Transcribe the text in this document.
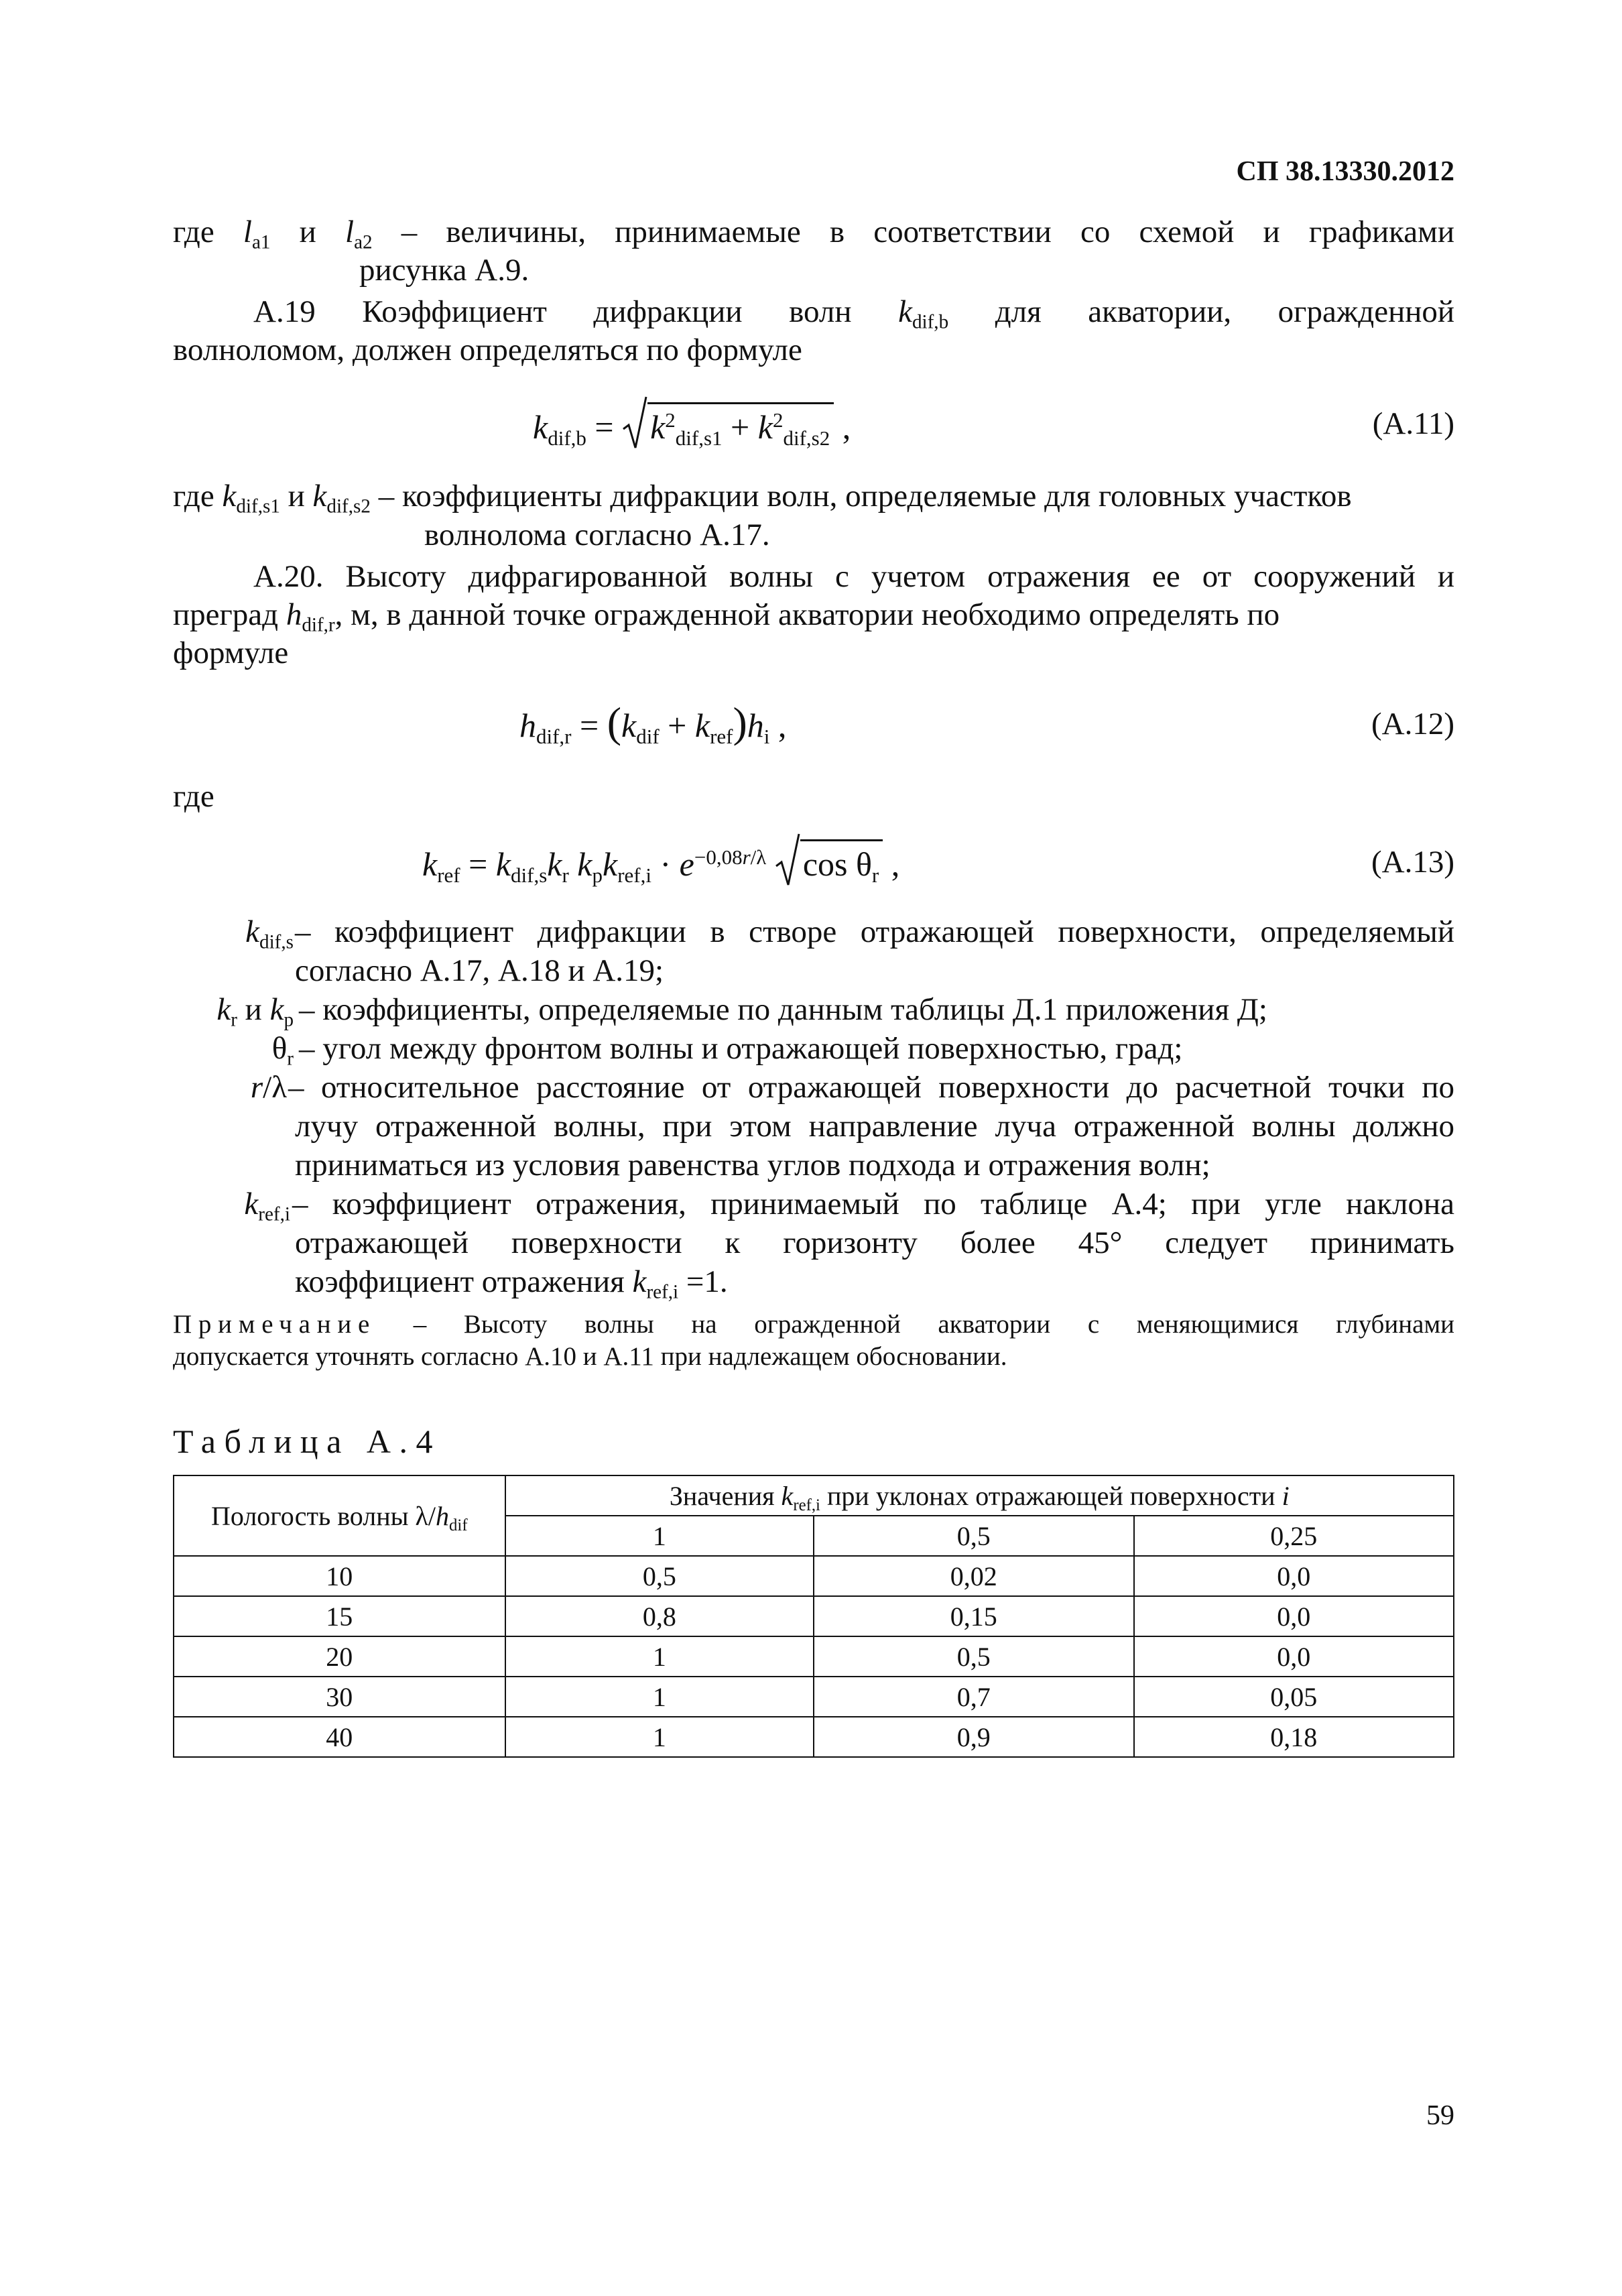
СП 38.13330.2012
где $l_{a1}$ и $l_{a2}$ – величины, принимаемые в соответствии со схемой и графиками
рисунка А.9.
А.19 Коэффициент дифракции волн $k_{dif,b}$ для акватории, огражденной
волноломом, должен определяться по формуле
$k_{dif,b}$ =
$k^2_{dif,s1} + k^2_{dif,s2}$ ,	(А.11)
где $k_{dif,s1}$ и $k_{dif,s2}$ – коэффициенты дифракции волн, определяемые для головных участков
волнолома согласно А.17.
А.20. Высоту дифрагированной волны с учетом отражения ее от сооружений и
преград $h_{dif,r}$, м, в данной точке огражденной акватории необходимо определять по
формуле
$h_{dif,r} = (k_{dif} + k_{ref})h_i$ ,	(А.12)
где
$k_{ref} = k_{dif,s}k_r$ $k_pk_{ref,i} \cdot e^{-0,08r/\lambda}$ $\cos \theta_r$ ,	(А.13)
$k_{dif,s}$ – коэффициент дифракции в створе отражающей поверхности, определяемый
согласно А.17, А.18 и А.19;
$k_r$ и $k_p$ – коэффициенты, определяемые по данным таблицы Д.1 приложения Д;
$\theta_r$ – угол между фронтом волны и отражающей поверхностью, град;
r/λ – относительное расстояние от отражающей поверхности до расчетной точки по
лучу отраженной волны, при этом направление луча отраженной волны должно
приниматься из условия равенства углов подхода и отражения волн;
$k_{ref,i}$ – коэффициент отражения, принимаемый по таблице А.4; при угле наклона
отражающей поверхности к горизонту более 45° следует принимать
коэффициент отражения $k_{ref,i} =1$.
Примечание – Высоту волны на огражденной акватории с меняющимися глубинами
допускается уточнять согласно А.10 и А.11 при надлежащем обосновании.
Таблица А.4
Пологость волны $\lambda/h_{dif}$	Значения $k_{ref,i}$ при уклонах отражающей поверхности i		
	1	0,5	0,25
10	0,5	0,02	0,0
15	0,8	0,15	0,0
20	1	0,5	0,0
30	1	0,7	0,05
40	1	0,9	0,18
59
